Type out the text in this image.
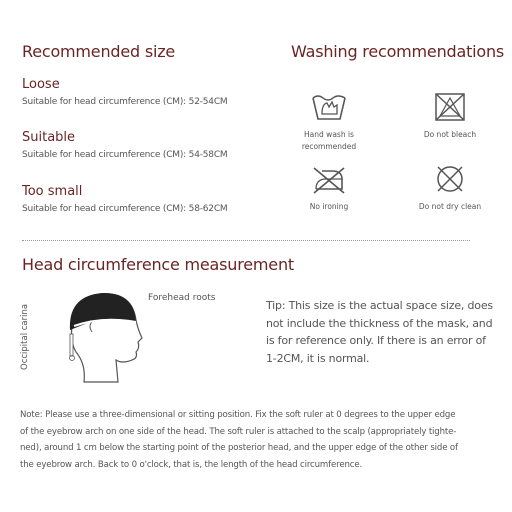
Recommended size
Loose
Suitable for head circumference (CM): 52-54CM
Suitable
Suitable for head circumference (CM): 54-58CM
Too small
Suitable for head circumference (CM): 58-62CM
Washing recommendations
Hand wash is
recommended
Do not bleach
No ironing	Do not dry clean
Head circumference measurement
Forehead roots
Occipital carina	Tip: This size is the actual space size, does
not include the thickness of the mask, and
is for reference only. If there is an error of
1-2CM, it is normal.
Note: Please use a three-dimensional or sitting position. Fix the soft ruler at 0 degrees to the upper edge
of the eyebrow arch on one side of the head. The soft ruler is attached to the scalp (appropriately tighte-
ned), around 1 cm below the starting point of the posterior head, and the upper edge of the other side of
the eyebrow arch. Back to 0 o'clock, that is, the length of the head circumference.
